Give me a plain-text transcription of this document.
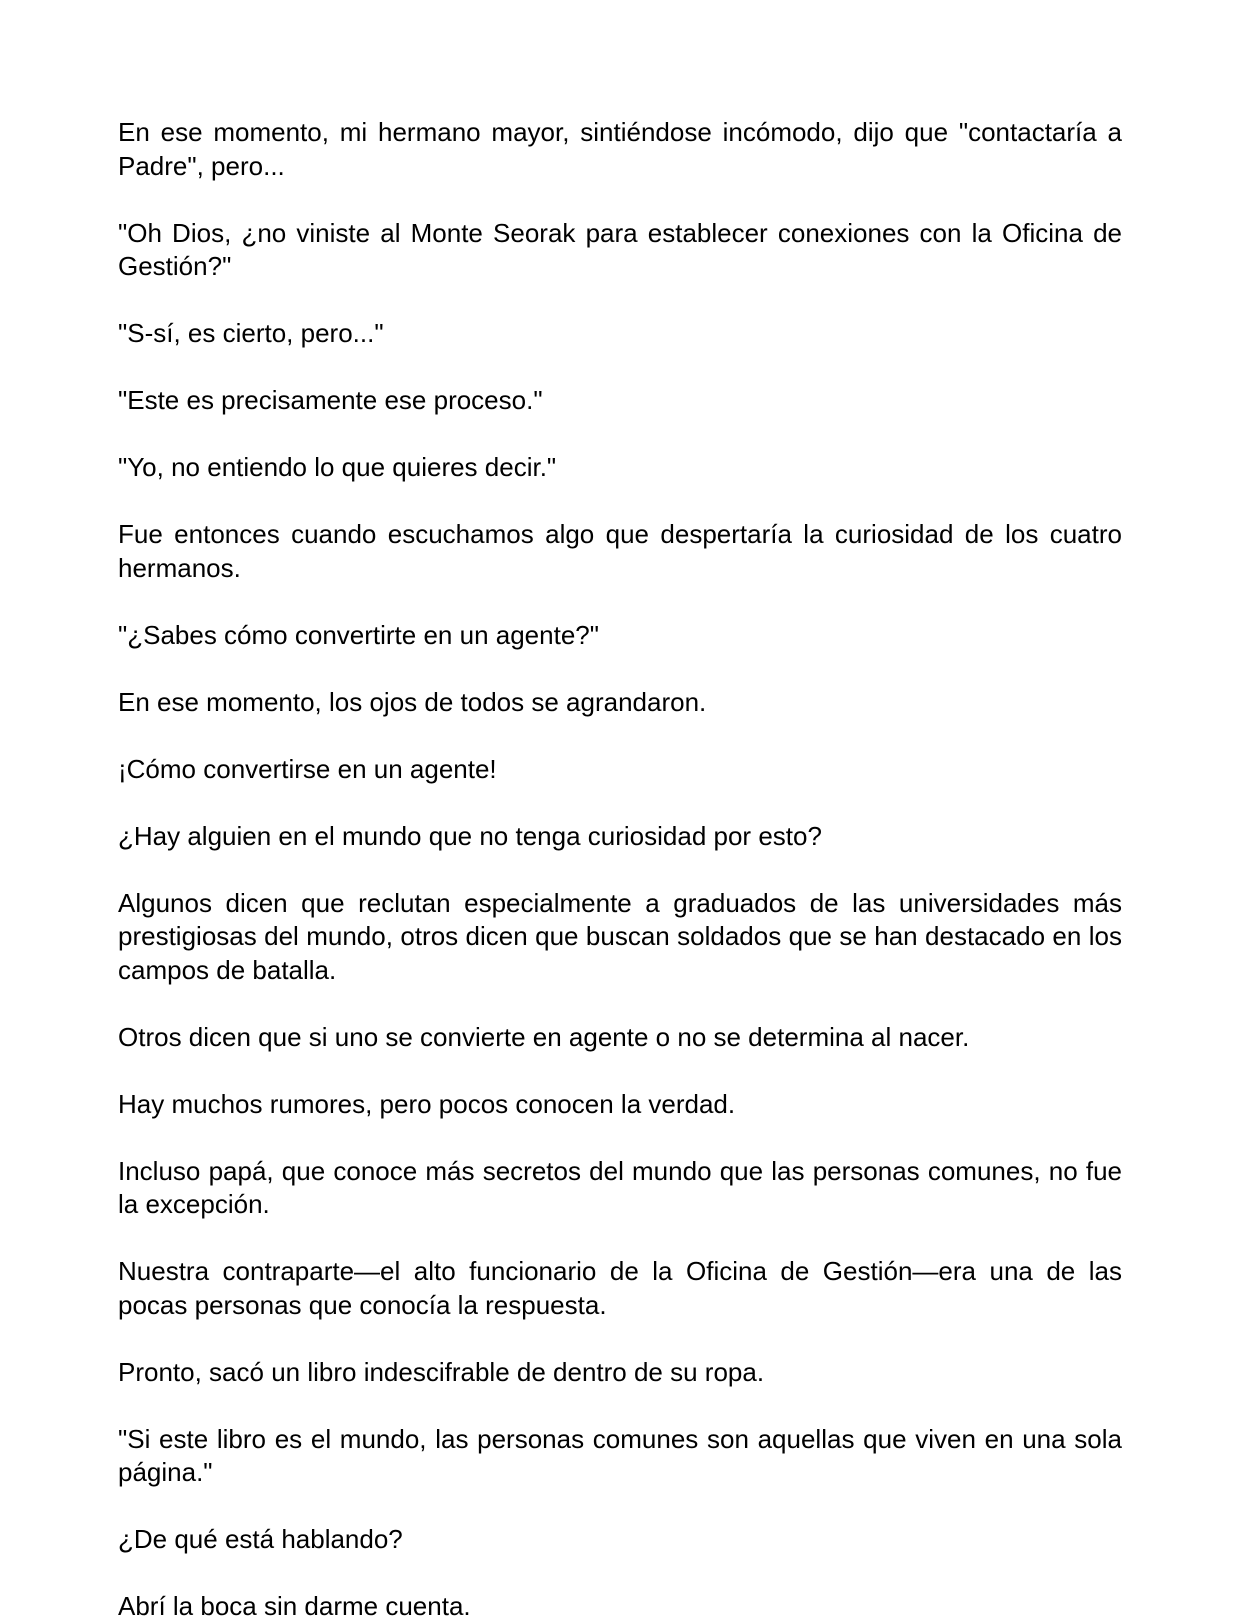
En ese momento, mi hermano mayor, sintiéndose incómodo, dijo que "contactaría a Padre", pero...

"Oh Dios, ¿no viniste al Monte Seorak para establecer conexiones con la Oficina de Gestión?"

"S-sí, es cierto, pero..."

"Este es precisamente ese proceso."

"Yo, no entiendo lo que quieres decir."

Fue entonces cuando escuchamos algo que despertaría la curiosidad de los cuatro hermanos.

"¿Sabes cómo convertirte en un agente?"

En ese momento, los ojos de todos se agrandaron.

¡Cómo convertirse en un agente!

¿Hay alguien en el mundo que no tenga curiosidad por esto?

Algunos dicen que reclutan especialmente a graduados de las universidades más prestigiosas del mundo, otros dicen que buscan soldados que se han destacado en los campos de batalla.

Otros dicen que si uno se convierte en agente o no se determina al nacer.

Hay muchos rumores, pero pocos conocen la verdad.

Incluso papá, que conoce más secretos del mundo que las personas comunes, no fue la excepción.

Nuestra contraparte—el alto funcionario de la Oficina de Gestión—era una de las pocas personas que conocía la respuesta.

Pronto, sacó un libro indescifrable de dentro de su ropa.

"Si este libro es el mundo, las personas comunes son aquellas que viven en una sola página."

¿De qué está hablando?

Abrí la boca sin darme cuenta.
